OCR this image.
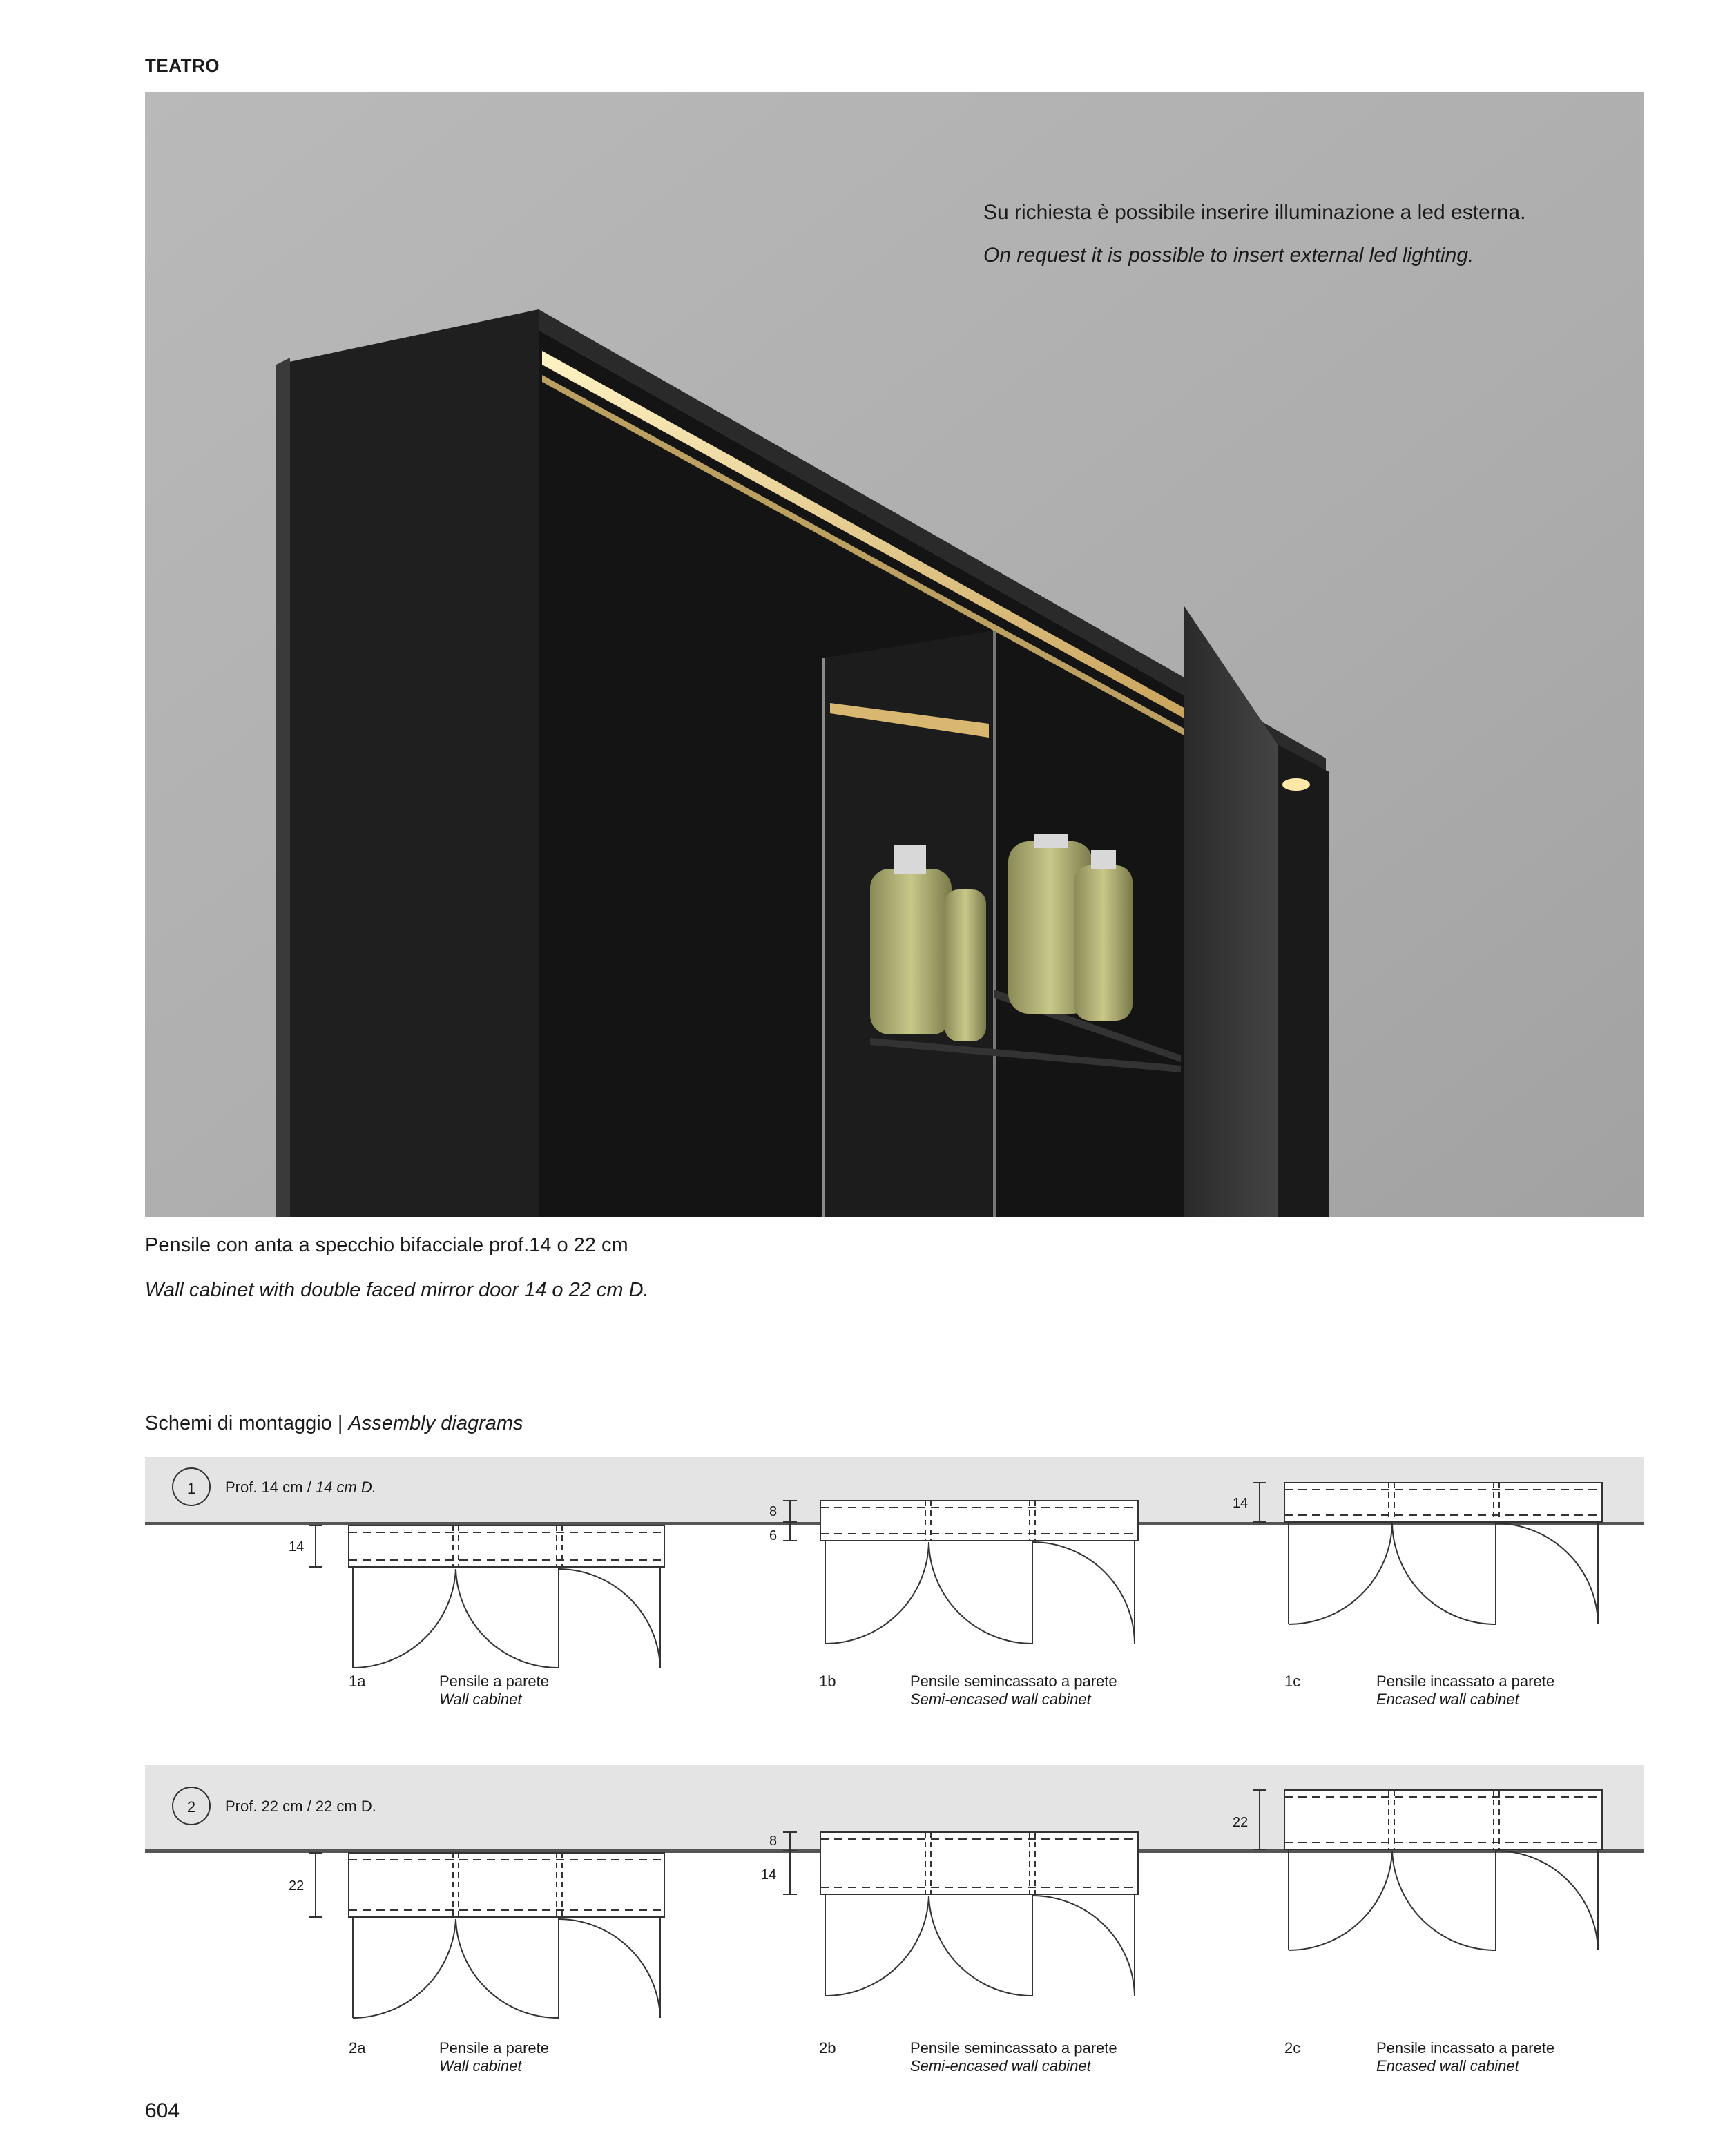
TEATRO
Su richiesta è possibile inserire illuminazione a led esterna.
On request it is possible to insert external led lighting.
Pensile con anta a specchio bifacciale prof.14 o 22 cm
Wall cabinet with double faced mirror door 14 o 22 cm D.
Schemi di montaggio | Assembly diagrams
1 Prof. 14 cm / 14 cm D.
14
8
6
14
1a	Pensile a parete
Wall cabinet
1b	Pensile semincassato a parete
Semi-encased wall cabinet
1c	Pensile incassato a parete
Encased wall cabinet
2 Prof. 22 cm / 22 cm D.
22
8
14
22
2a	Pensile a parete
Wall cabinet
2b	Pensile semincassato a parete
Semi-encased wall cabinet
2c	Pensile incassato a parete
Encased wall cabinet
604
